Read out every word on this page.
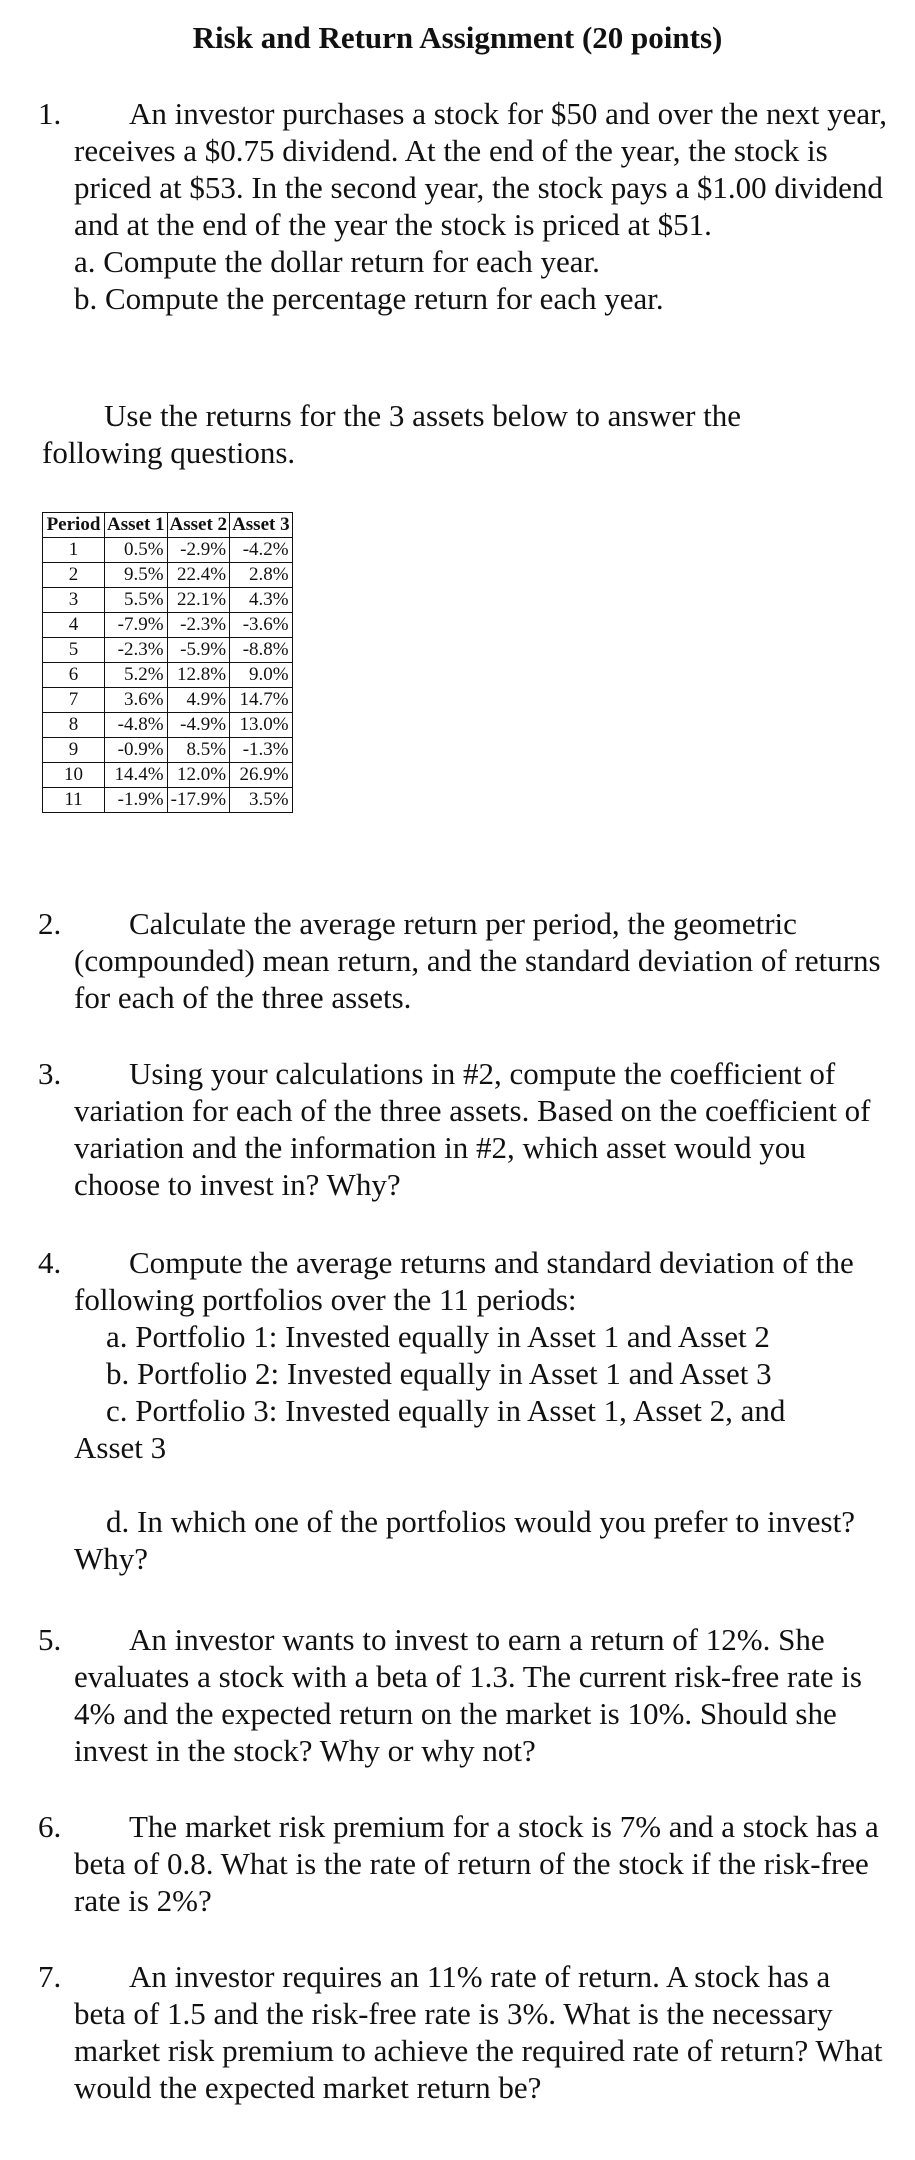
Risk and Return Assignment (20 points)
1.	An investor purchases a stock for $50 and over the next year, receives a $0.75 dividend. At the end of the year, the stock is priced at $53. In the second year, the stock pays a $1.00 dividend and at the end of the year the stock is priced at $51.
a. Compute the dollar return for each year.
b. Compute the percentage return for each year.
Use the returns for the 3 assets below to answer the following questions.
Period	Asset 1	Asset 2	Asset 3
1	0.5%	-2.9%	-4.2%
2	9.5%	22.4%	2.8%
3	5.5%	22.1%	4.3%
4	-7.9%	-2.3%	-3.6%
5	-2.3%	-5.9%	-8.8%
6	5.2%	12.8%	9.0%
7	3.6%	4.9%	14.7%
8	-4.8%	-4.9%	13.0%
9	-0.9%	8.5%	-1.3%
10	14.4%	12.0%	26.9%
11	-1.9%	-17.9%	3.5%
2.	Calculate the average return per period, the geometric (compounded) mean return, and the standard deviation of returns for each of the three assets.
3.	Using your calculations in #2, compute the coefficient of variation for each of the three assets. Based on the coefficient of variation and the information in #2, which asset would you choose to invest in? Why?
4.	Compute the average returns and standard deviation of the following portfolios over the 11 periods:
a. Portfolio 1: Invested equally in Asset 1 and Asset 2
b. Portfolio 2: Invested equally in Asset 1 and Asset 3
c. Portfolio 3: Invested equally in Asset 1, Asset 2, and
Asset 3
d. In which one of the portfolios would you prefer to invest? Why?
5.	An investor wants to invest to earn a return of 12%. She evaluates a stock with a beta of 1.3. The current risk-free rate is 4% and the expected return on the market is 10%. Should she invest in the stock? Why or why not?
6.	The market risk premium for a stock is 7% and a stock has a beta of 0.8. What is the rate of return of the stock if the risk-free rate is 2%?
7.	An investor requires an 11% rate of return. A stock has a beta of 1.5 and the risk-free rate is 3%. What is the necessary market risk premium to achieve the required rate of return? What would the expected market return be?
